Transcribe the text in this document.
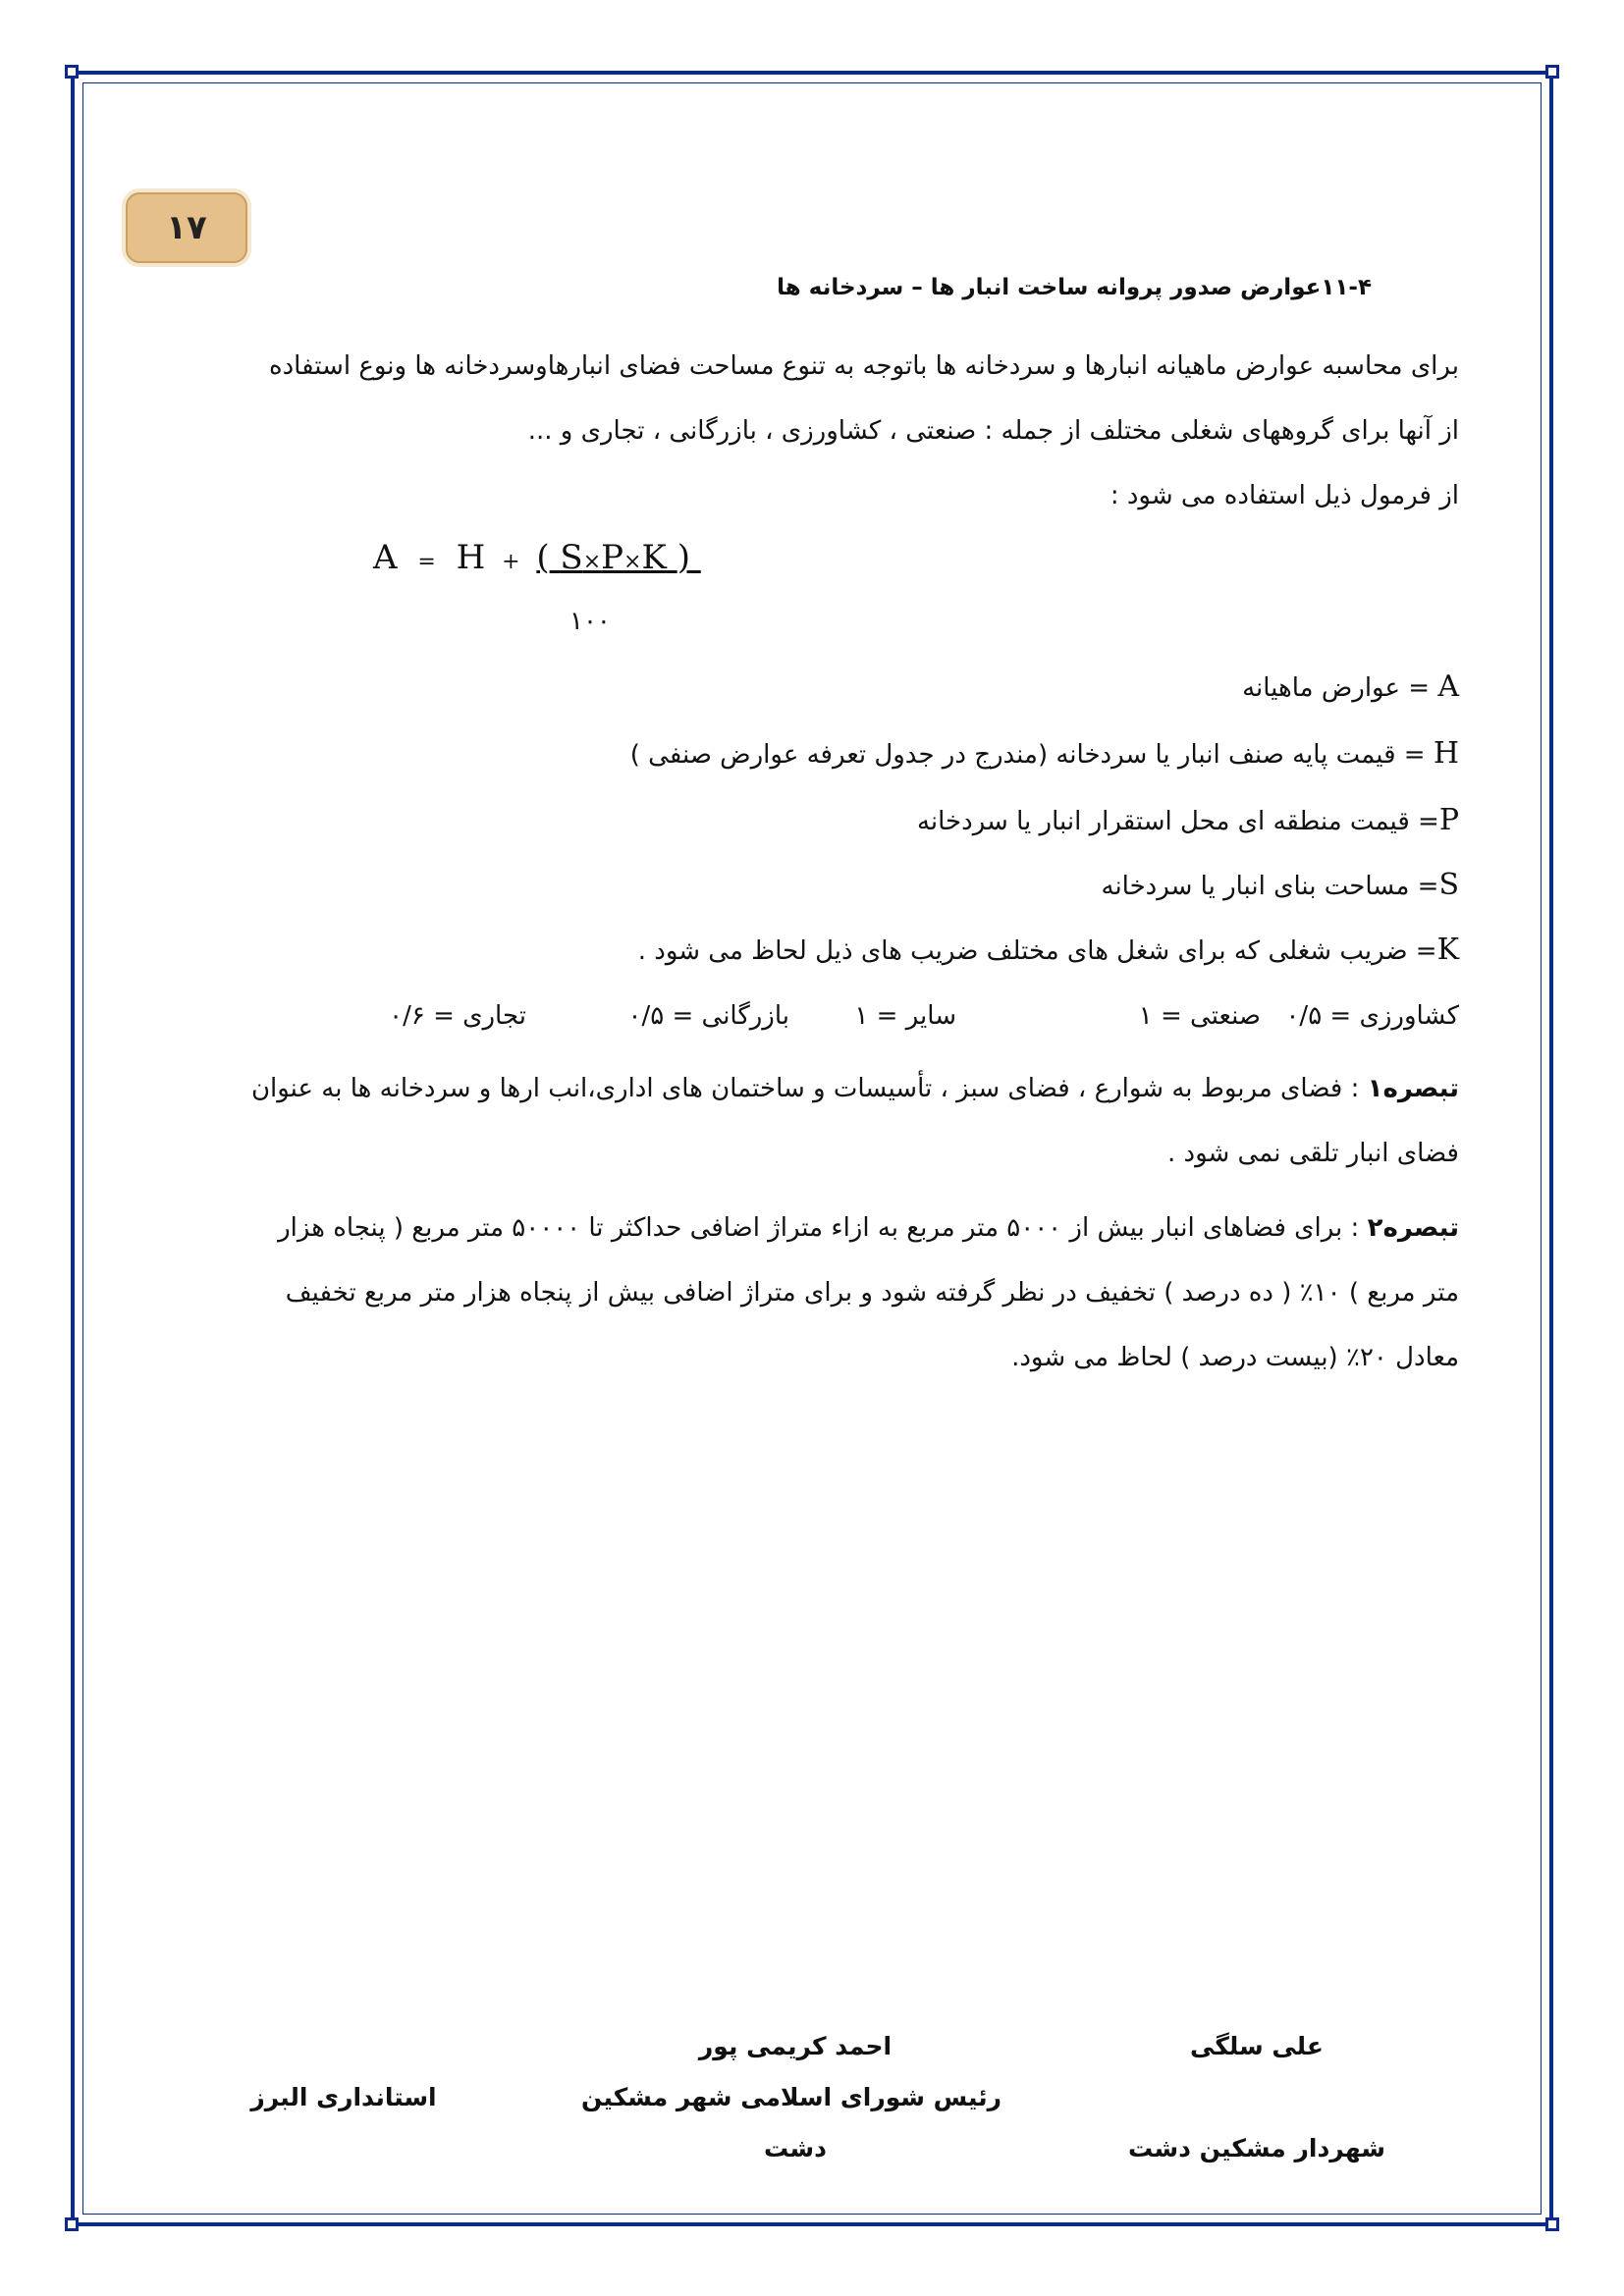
۱۷
۱۱-۴عوارض صدور پروانه ساخت انبار ها – سردخانه ها
برای محاسبه عوارض ماهیانه انبارها و سردخانه ها باتوجه به تنوع مساحت فضای انبارهاوسردخانه ها ونوع استفاده
از آنها برای گروههای شغلی مختلف از جمله : صنعتی ، کشاورزی ، بازرگانی ، تجاری و ...
از فرمول ذیل استفاده می شود :
A = H + ( S×P×K )
۱۰۰
A = عوارض ماهیانه
H = قیمت پایه صنف انبار یا سردخانه (مندرج در جدول تعرفه عوارض صنفی )
P= قیمت منطقه ای محل استقرار انبار یا سردخانه
S= مساحت بنای انبار یا سردخانه
K= ضریب شغلی که برای شغل های مختلف ضریب های ذیل لحاظ می شود .
کشاورزی = ۰/۵
صنعتی = ۱
سایر = ۱
بازرگانی = ۰/۵
تجاری = ۰/۶
تبصره۱ : فضای مربوط به شوارع ، فضای سبز ، تأسیسات و ساختمان های اداری،انب ارها و سردخانه ها به عنوان
فضای انبار تلقی نمی شود .
تبصره۲ : برای فضاهای انبار بیش از ۵۰۰۰ متر مربع به ازاء متراژ اضافی حداکثر تا ۵۰۰۰۰ متر مربع ( پنجاه هزار
متر مربع ) ۱۰٪ ( ده درصد ) تخفیف در نظر گرفته شود و برای متراژ اضافی بیش از پنجاه هزار متر مربع تخفیف
معادل ۲۰٪ (بیست درصد ) لحاظ می شود.
علی سلگی
شهردار مشکین دشت
احمد کریمی پور
رئیس شورای اسلامی شهر مشکین
دشت
استانداری البرز
